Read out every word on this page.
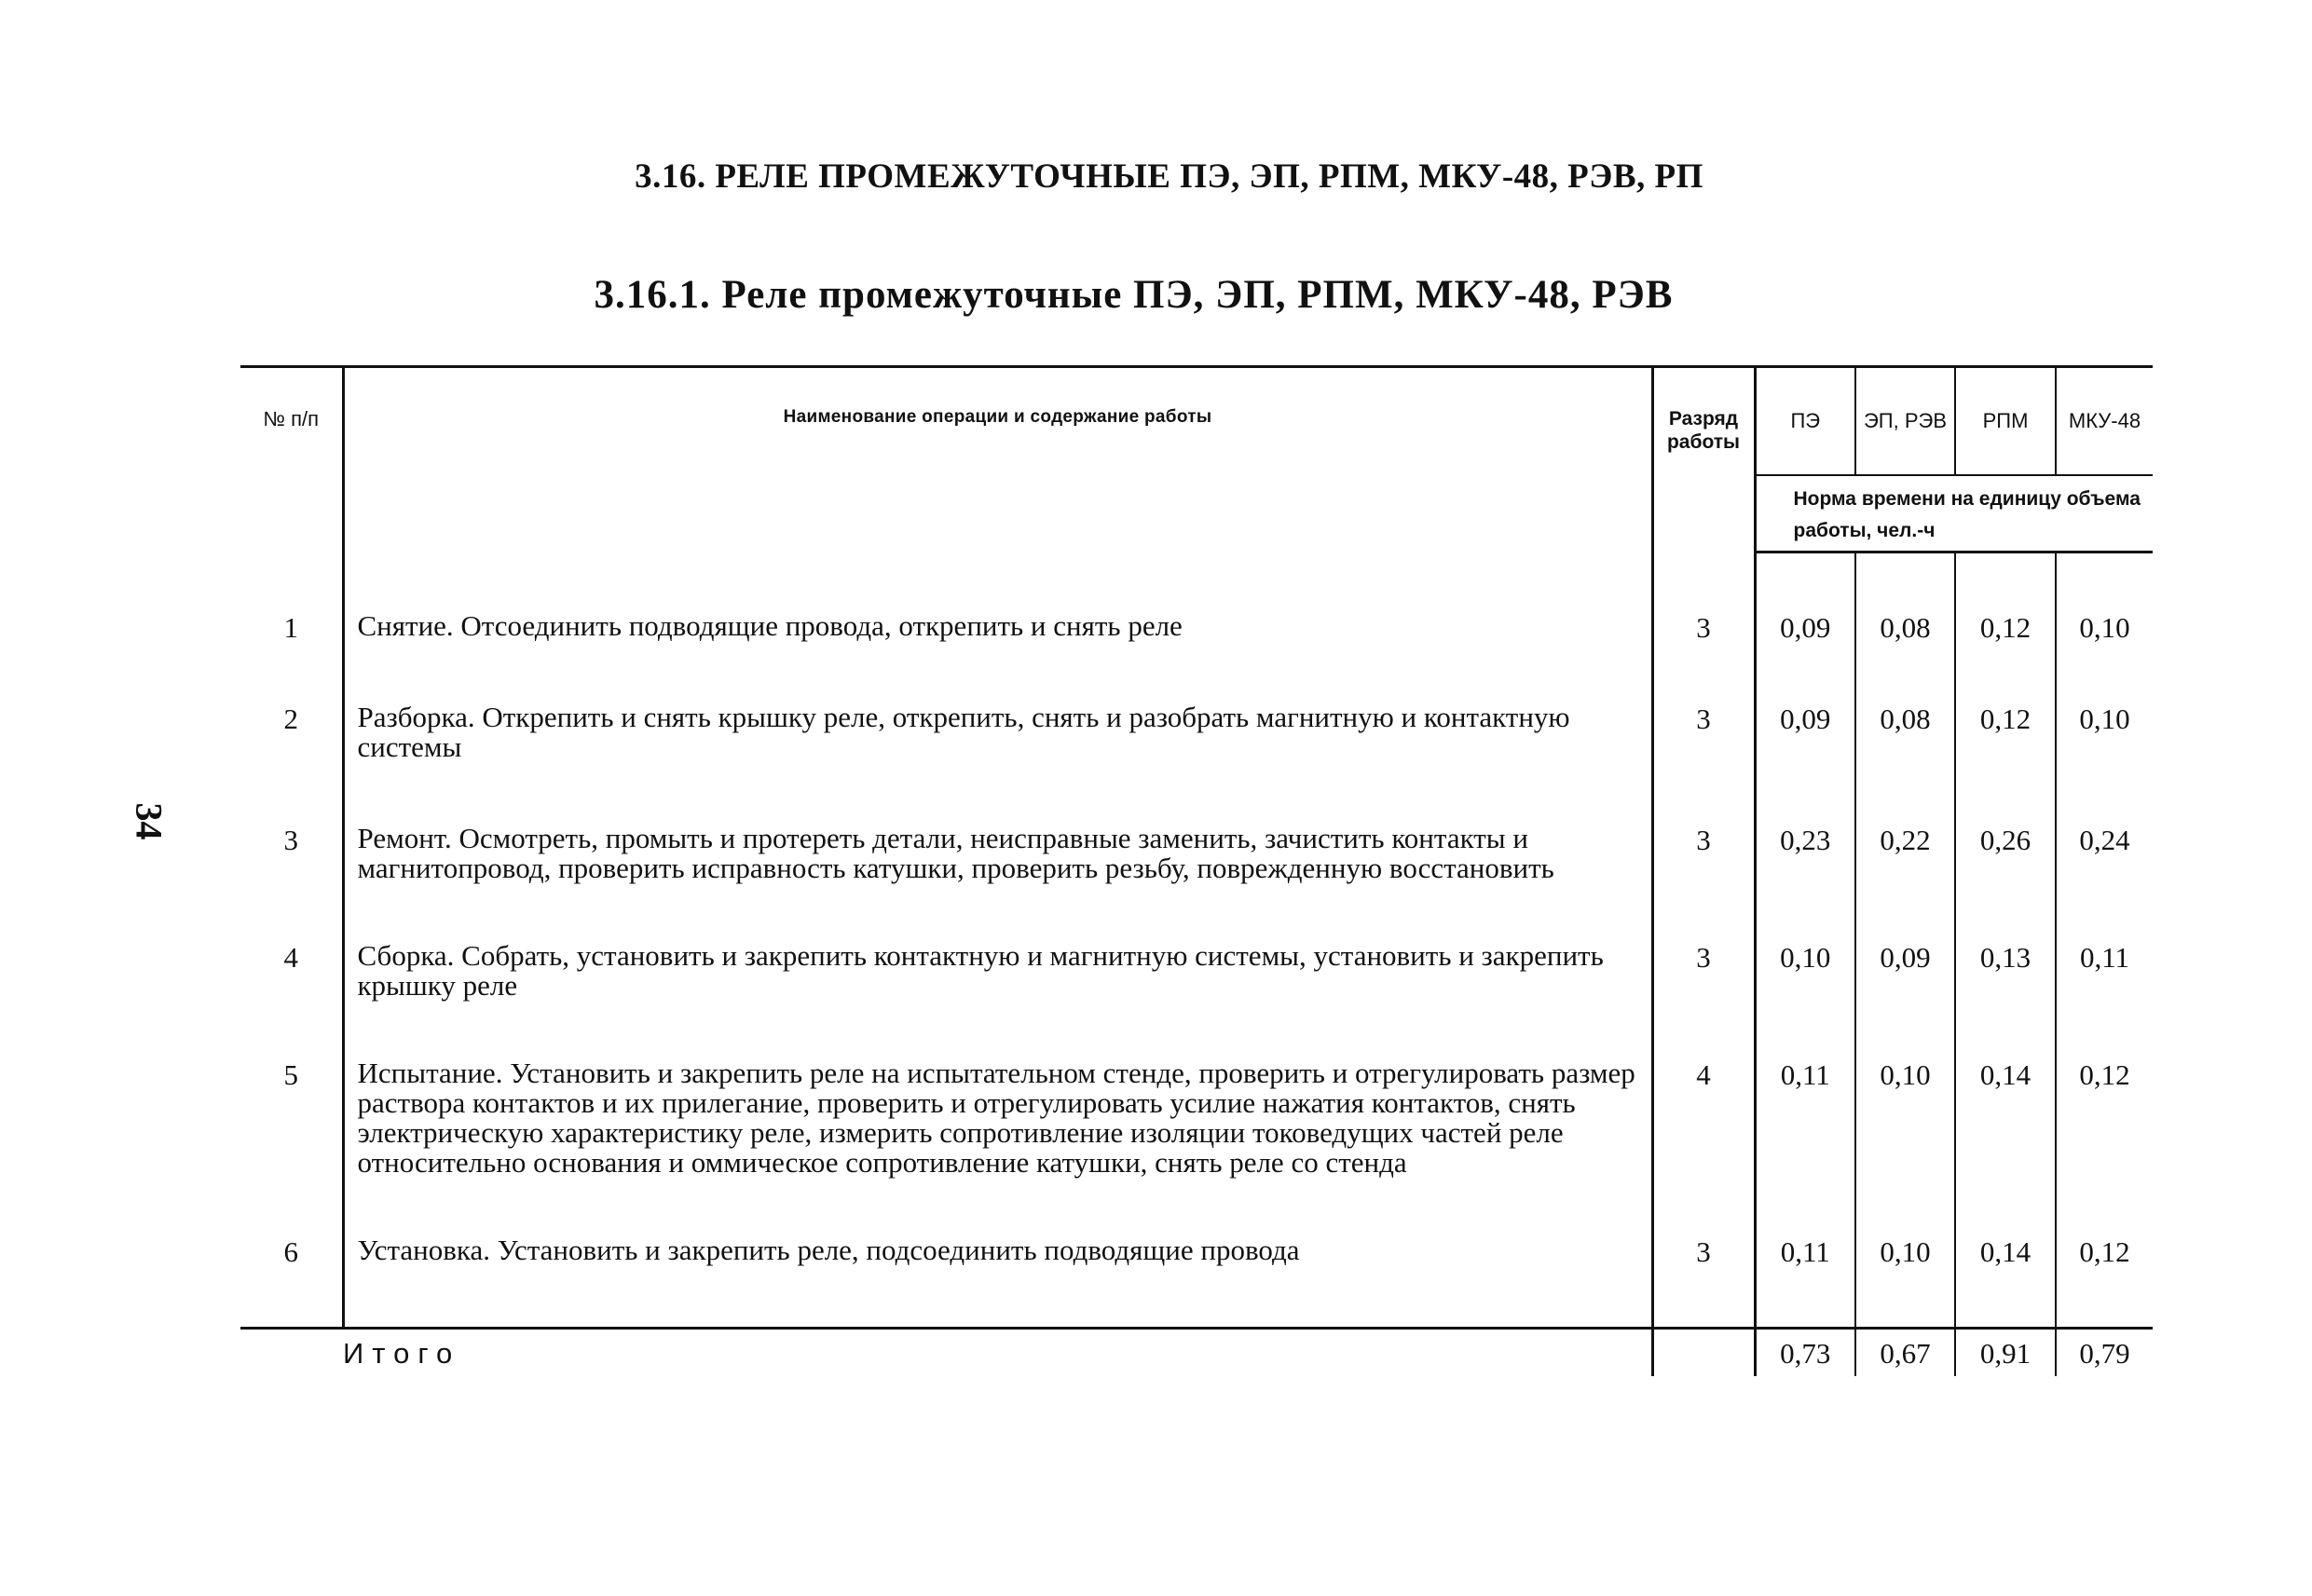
3.16. РЕЛЕ ПРОМЕЖУТОЧНЫЕ ПЭ, ЭП, РПМ, МКУ-48, РЭВ, РП
3.16.1. Реле промежуточные ПЭ, ЭП, РПМ, МКУ-48, РЭВ
34
№ п/п	Наименование операции и содержание работы	Разряд работы	ПЭ	ЭП, РЭВ	РПМ	МКУ-48
			Норма времени на единицу объема работы, чел.-ч			

1	Снятие. Отсоединить подводящие провода, открепить и снять реле	3	0,09	0,08	0,12	0,10

2	Разборка. Открепить и снять крышку реле, открепить, снять и разобрать магнитную и контактную системы	3	0,09	0,08	0,12	0,10

3	Ремонт. Осмотреть, промыть и протереть детали, неисправные заменить, зачистить контакты и магнитопровод, проверить исправность катушки, проверить резьбу, поврежденную восстановить	3	0,23	0,22	0,26	0,24

4	Сборка. Собрать, установить и закрепить контактную и магнитную системы, установить и закрепить крышку реле	3	0,10	0,09	0,13	0,11

5	Испытание. Установить и закрепить реле на испытательном стенде, проверить и отрегулировать размер раствора контактов и их прилегание, проверить и отрегулировать усилие нажатия контактов, снять электрическую характеристику реле, измерить сопротивление изоляции токоведущих частей реле относительно основания и оммическое сопротивление катушки, снять реле со стенда	4	0,11	0,10	0,14	0,12

6	Установка. Установить и закрепить реле, подсоединить подводящие провода	3	0,11	0,10	0,14	0,12

Итого			0,73	0,67	0,91	0,79
